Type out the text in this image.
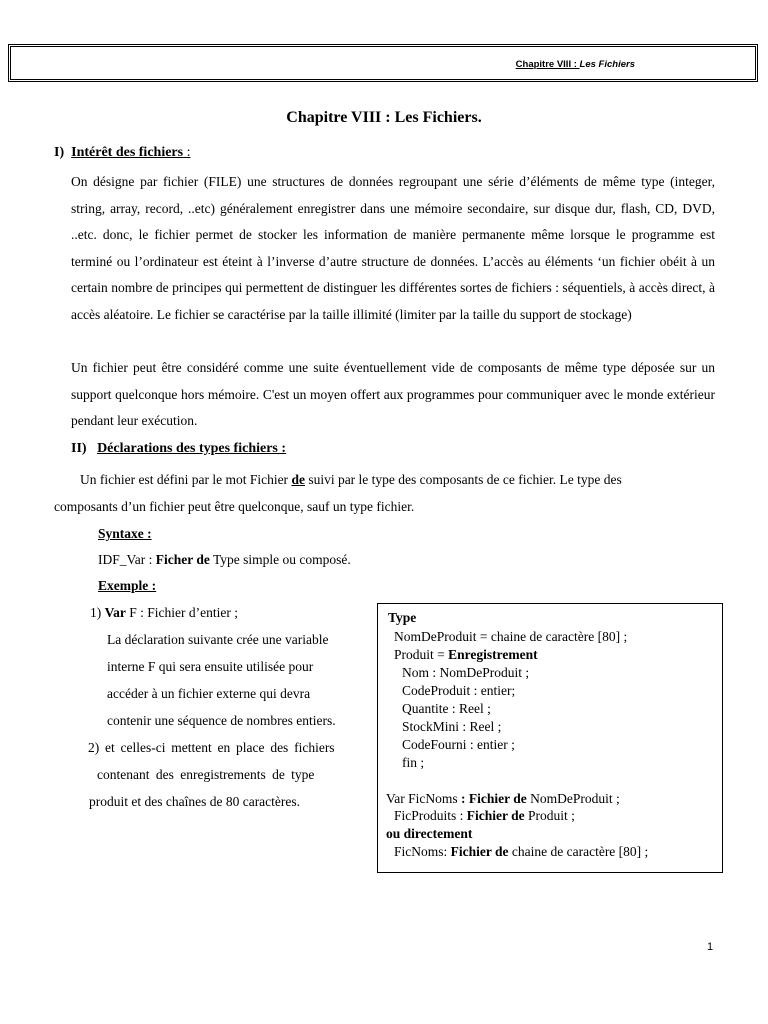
Chapitre VIII : Les Fichiers
Chapitre VIII : Les Fichiers.
I) Intérêt des fichiers :

On désigne par fichier (FILE) une structures de données regroupant une série d’éléments de même type (integer, string, array, record, ..etc) généralement enregistrer dans une mémoire secondaire, sur disque dur, flash, CD, DVD, ..etc. donc, le fichier permet de stocker les information de manière permanente même lorsque le programme est terminé ou l’ordinateur est éteint à l’inverse d’autre structure de données. L’accès au éléments ‘un fichier obéit à un certain nombre de principes qui permettent de distinguer les différentes sortes de fichiers : séquentiels, à accès direct, à accès aléatoire. Le fichier se caractérise par la taille illimité (limiter par la taille du support de stockage)

Un fichier peut être considéré comme une suite éventuellement vide de composants de même type déposée sur un support quelconque hors mémoire. C'est un moyen offert aux programmes pour communiquer avec le monde extérieur pendant leur exécution.

II) Déclarations des types fichiers :
Un fichier est défini par le mot Fichier de suivi par le type des composants de ce fichier. Le type des
composants d’un fichier peut être quelconque, sauf un type fichier.
Syntaxe :
IDF_Var : Ficher de Type simple ou composé.
Exemple :
1) Var F : Fichier d’entier ;
La déclaration suivante crée une variable
interne F qui sera ensuite utilisée pour
accéder à un fichier externe qui devra
contenir une séquence de nombres entiers.
2) et celles-ci mettent en place des fichiers
contenant des enregistrements de type
produit et des chaînes de 80 caractères.
Type
NomDeProduit = chaine de caractère [80] ;
Produit = Enregistrement
Nom : NomDeProduit ;
CodeProduit : entier;
Quantite : Reel ;
StockMini : Reel ;
CodeFourni : entier ;
fin ;
Var FicNoms : Fichier de NomDeProduit ;
FicProduits : Fichier de Produit ;
ou directement
FicNoms: Fichier de chaine de caractère [80] ;
1
